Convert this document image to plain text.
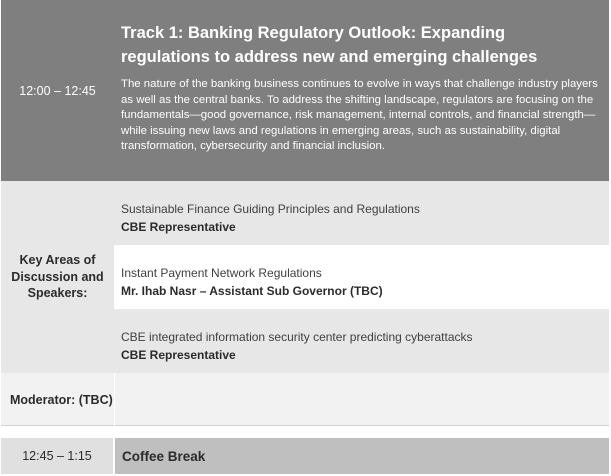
12:00 – 12:45
Track 1: Banking Regulatory Outlook: Expanding
regulations to address new and emerging challenges
The nature of the banking business continues to evolve in ways that challenge industry players as well as the central banks. To address the shifting landscape, regulators are focusing on the fundamentals—good governance, risk management, internal controls, and financial strength—while issuing new laws and regulations in emerging areas, such as sustainability, digital transformation, cybersecurity and financial inclusion.
Key Areas of Discussion and Speakers:
Sustainable Finance Guiding Principles and Regulations
CBE Representative
Instant Payment Network Regulations
Mr. Ihab Nasr – Assistant Sub Governor (TBC)
CBE integrated information security center predicting cyberattacks
CBE Representative
Moderator: (TBC)
12:45 – 1:15	Coffee Break
